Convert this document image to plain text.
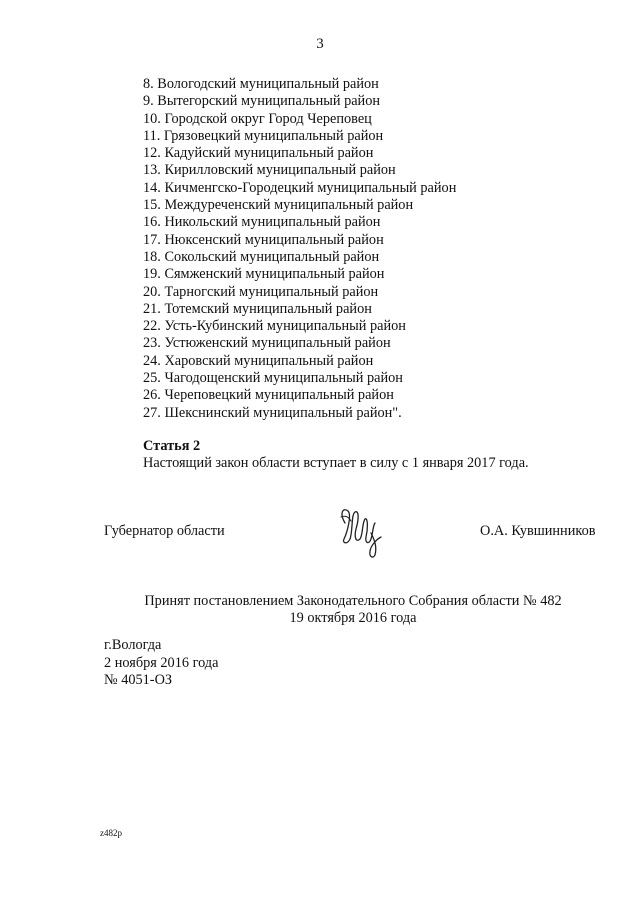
3
8. Вологодский муниципальный район
9. Вытегорский муниципальный район
10. Городской округ Город Череповец
11. Грязовецкий муниципальный район
12. Кадуйский муниципальный район
13. Кирилловский муниципальный район
14. Кичменгско-Городецкий муниципальный район
15. Междуреченский муниципальный район
16. Никольский муниципальный район
17. Нюксенский муниципальный район
18. Сокольский муниципальный район
19. Сямженский муниципальный район
20. Тарногский муниципальный район
21. Тотемский муниципальный район
22. Усть-Кубинский муниципальный район
23. Устюженский муниципальный район
24. Харовский муниципальный район
25. Чагодощенский муниципальный район
26. Череповецкий муниципальный район
27. Шекснинский муниципальный район".
Статья 2
Настоящий закон области вступает в силу с 1 января 2017 года.
Губернатор области	О.А. Кувшинников
Принят постановлением Законодательного Собрания области № 482
19 октября 2016 года
г.Вологда
2 ноября 2016 года
№ 4051-ОЗ
z482p
